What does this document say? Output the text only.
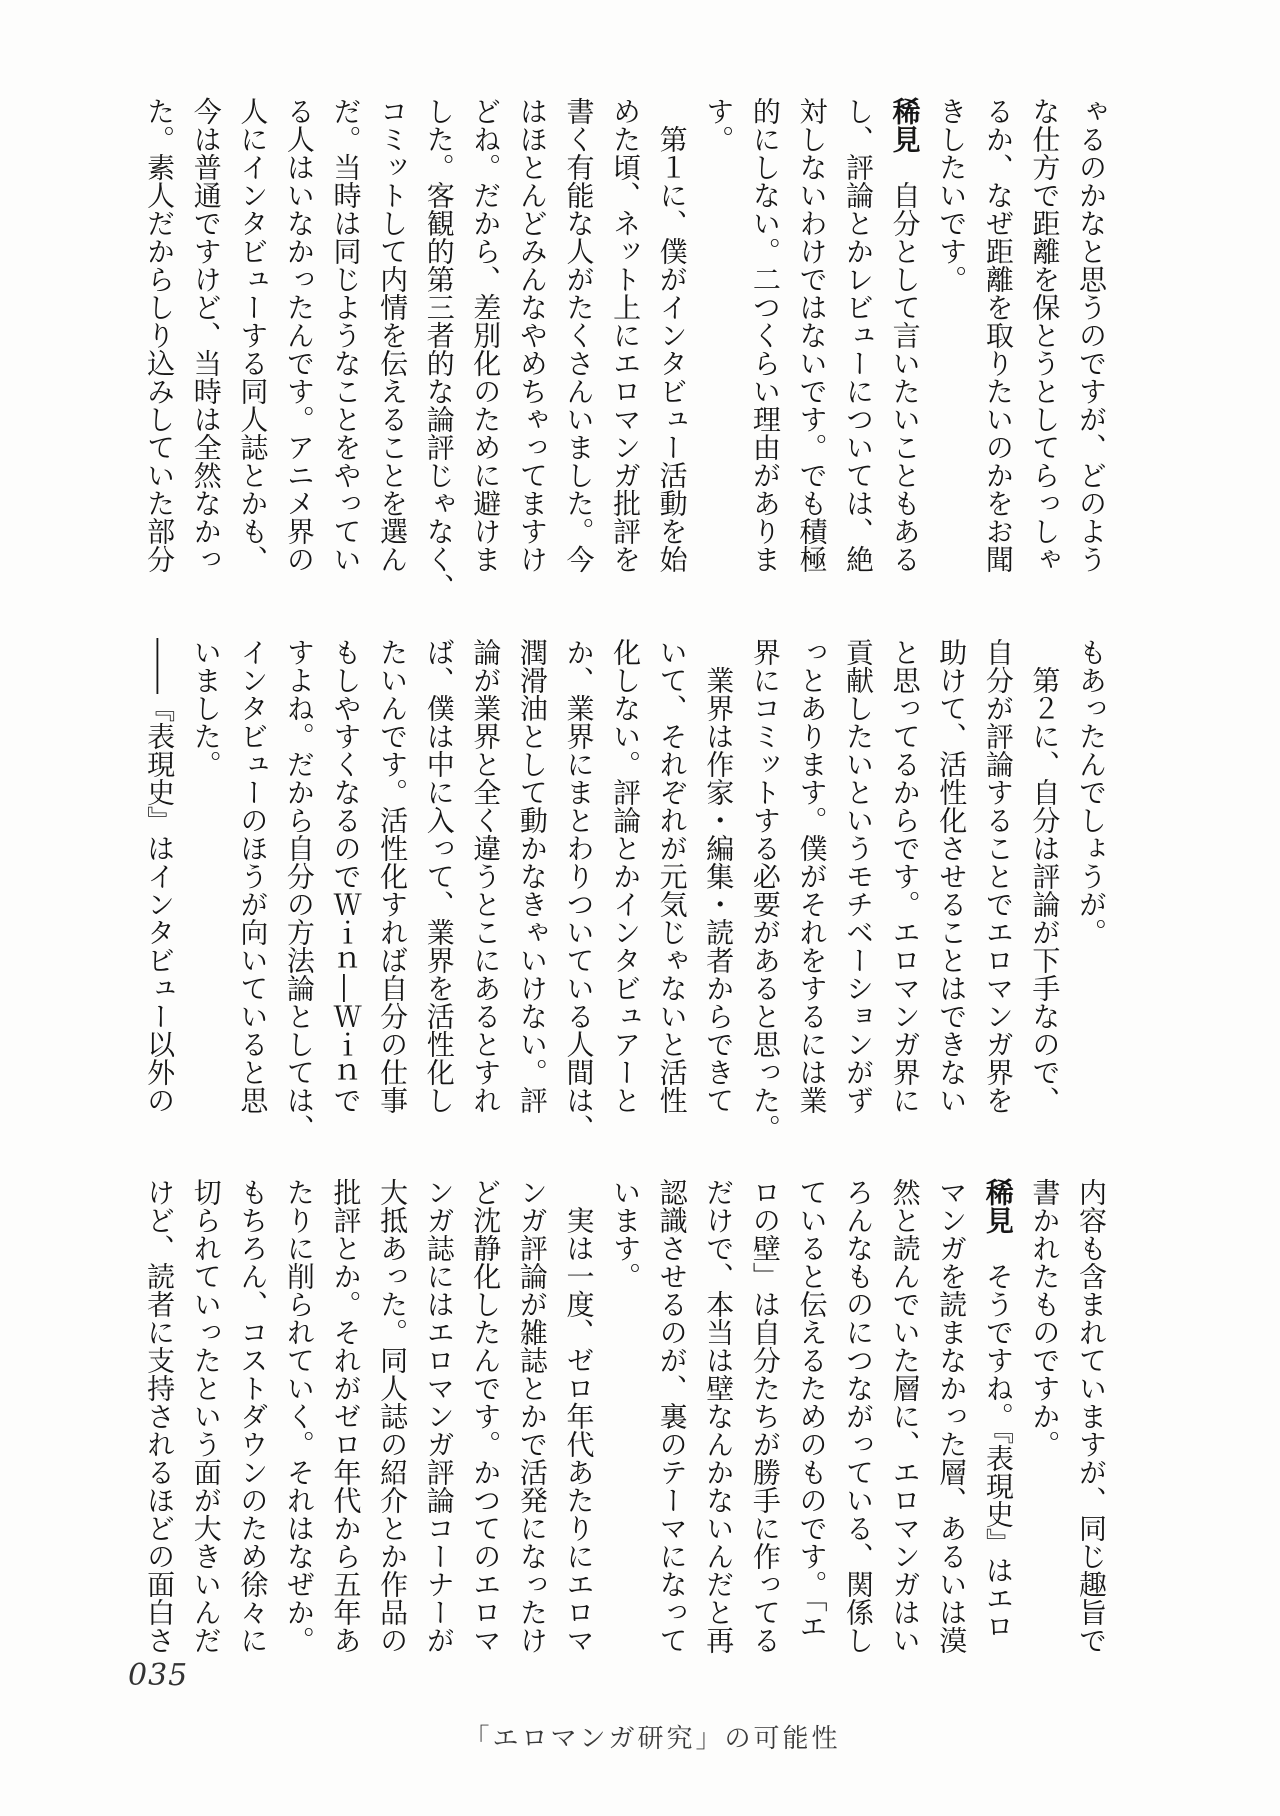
ゃるのかなと思うのですが、どのよう
な仕方で距離を保とうとしてらっしゃ
るか、なぜ距離を取りたいのかをお聞
きしたいです。
稀見　自分として言いたいこともある
し、評論とかレビューについては、絶
対しないわけではないです。でも積極
的にしない。二つくらい理由がありま
す。
　第１に、僕がインタビュー活動を始
めた頃、ネット上にエロマンガ批評を
書く有能な人がたくさんいました。今
はほとんどみんなやめちゃってますけ
どね。だから、差別化のために避けま
した。客観的第三者的な論評じゃなく、
コミットして内情を伝えることを選ん
だ。当時は同じようなことをやってい
る人はいなかったんです。アニメ界の
人にインタビューする同人誌とかも、
今は普通ですけど、当時は全然なかっ
た。素人だからしり込みしていた部分
もあったんでしょうが。
　第２に、自分は評論が下手なので、
自分が評論することでエロマンガ界を
助けて、活性化させることはできない
と思ってるからです。エロマンガ界に
貢献したいというモチベーションがず
っとあります。僕がそれをするには業
界にコミットする必要があると思った。
　業界は作家・編集・読者からできて
いて、それぞれが元気じゃないと活性
化しない。評論とかインタビュアーと
か、業界にまとわりついている人間は、
潤滑油として動かなきゃいけない。評
論が業界と全く違うとこにあるとすれ
ば、僕は中に入って、業界を活性化し
たいんです。活性化すれば自分の仕事
もしやすくなるのでＷｉｎ―Ｗｉｎで
すよね。だから自分の方法論としては、
インタビューのほうが向いていると思
いました。
――『表現史』はインタビュー以外の
内容も含まれていますが、同じ趣旨で
書かれたものですか。
稀見　そうですね。『表現史』はエロ
マンガを読まなかった層、あるいは漠
然と読んでいた層に、エロマンガはい
ろんなものにつながっている、関係し
ていると伝えるためのものです。「エ
ロの壁」は自分たちが勝手に作ってる
だけで、本当は壁なんかないんだと再
認識させるのが、裏のテーマになって
います。
　実は一度、ゼロ年代あたりにエロマ
ンガ評論が雑誌とかで活発になったけ
ど沈静化したんです。かつてのエロマ
ンガ誌にはエロマンガ評論コーナーが
大抵あった。同人誌の紹介とか作品の
批評とか。それがゼロ年代から五年あ
たりに削られていく。それはなぜか。
もちろん、コストダウンのため徐々に
切られていったという面が大きいんだ
けど、読者に支持されるほどの面白さ
035
「エロマンガ研究」の可能性
